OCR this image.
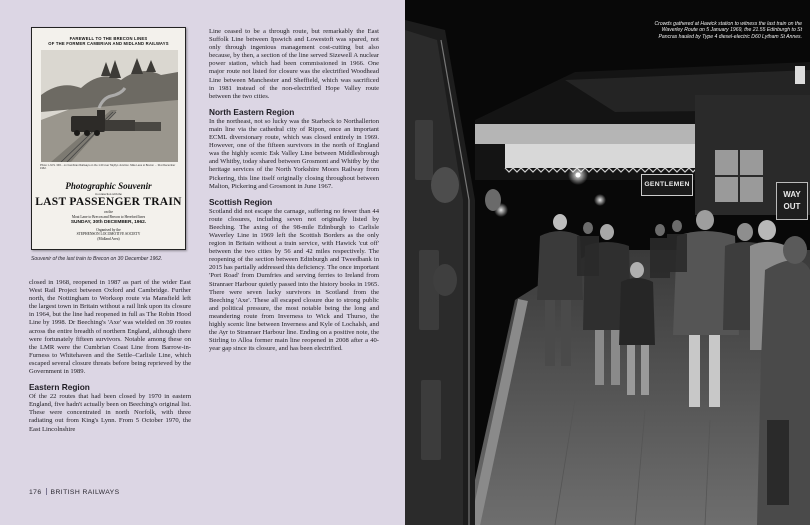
FAREWELL TO THE BRECON LINES
OF THE FORMER CAMBRIAN AND MIDLAND RAILWAYS
Photo: L.M.S. 3F0... on Cambrian Railways on the 1:40 over Talyllyn Junction. Mike Lane to Brecon ... 31st December 1962.
Photographic Souvenir
in connection with the
LAST PASSENGER TRAIN
on the
Moat Lane to Brecon and Brecon to Hereford lines
SUNDAY, 30th DECEMBER, 1962.
Organised by the
STEPHENSON LOCOMOTIVE SOCIETY
(Midland Area)
Souvenir of the last train to Brecon on 30 December 1962.

closed in 1968, reopened in 1987 as part of the wider East West Rail Project between Oxford and Cambridge. Further north, the Nottingham to Worksop route via Mansfield left the largest town in Britain without a rail link upon its closure in 1964, but the line had reopened in full as The Robin Hood Line by 1998. Dr Beeching's 'Axe' was wielded on 39 routes across the entire breadth of northern England, although there were fortunately fifteen survivors. Notable among these on the LMR were the Cumbrian Coast Line from Barrow-in-Furness to Whitehaven and the Settle–Carlisle Line, which escaped several closure threats before being reprieved by the Government in 1989.

Eastern Region

Of the 22 routes that had been closed by 1970 in eastern England, five hadn't actually been on Beeching's original list. These were concentrated in north Norfolk, with three radiating out from King's Lynn. From 5 October 1970, the East Lincolnshire

Line ceased to be a through route, but remarkably the East Suffolk Line between Ipswich and Lowestoft was spared, not only through ingenious management cost-cutting but also because, by then, a section of the line served Sizewell A nuclear power station, which had been commissioned in 1966. One major route not listed for closure was the electrified Woodhead Line between Manchester and Sheffield, which was sacrificed in 1981 instead of the non-electrified Hope Valley route between the two cities.

North Eastern Region

In the northeast, not so lucky was the Starbeck to Northallerton main line via the cathedral city of Ripon, once an important ECML diversionary route, which was closed entirely in 1969. However, one of the fifteen survivors in the north of England was the highly scenic Esk Valley Line between Middlesbrough and Whitby, today shared between Grosmont and Whitby by the heritage services of the North Yorkshire Moors Railway from Pickering, this line itself originally closing throughout between Malton, Pickering and Grosmont in June 1967.

Scottish Region

Scotland did not escape the carnage, suffering no fewer than 44 route closures, including seven not originally listed by Beeching. The axing of the 98-mile Edinburgh to Carlisle Waverley Line in 1969 left the Scottish Borders as the only region in Britain without a train service, with Hawick 'cut off' between the two cities by 56 and 42 miles respectively. The reopening of the section between Edinburgh and Tweedbank in 2015 has partially addressed this deficiency. The once important 'Port Road' from Dumfries and serving ferries to Ireland from Stranraer Harbour quietly passed into the history books in 1965. There were seven lucky survivors in Scotland from the Beeching 'Axe'. These all escaped closure due to strong public and political pressure, the most notable being the long and meandering route from Inverness to Wick and Thurso, the highly scenic line between Inverness and Kyle of Lochalsh, and the Ayr to Stranraer Harbour line. Ending on a positive note, the Stirling to Alloa former main line reopened in 2008 after a 40-year gap since its closure, and has been electrified.

176 BRITISH RAILWAYS
GENTLEMEN
WAY
OUT
Crowds gathered at Hawick station to witness the last train on the Waverley Route on 5 January 1969, the 21.55 Edinburgh to St Pancras hauled by Type 4 diesel-electric D60 Lytham St Annes.
